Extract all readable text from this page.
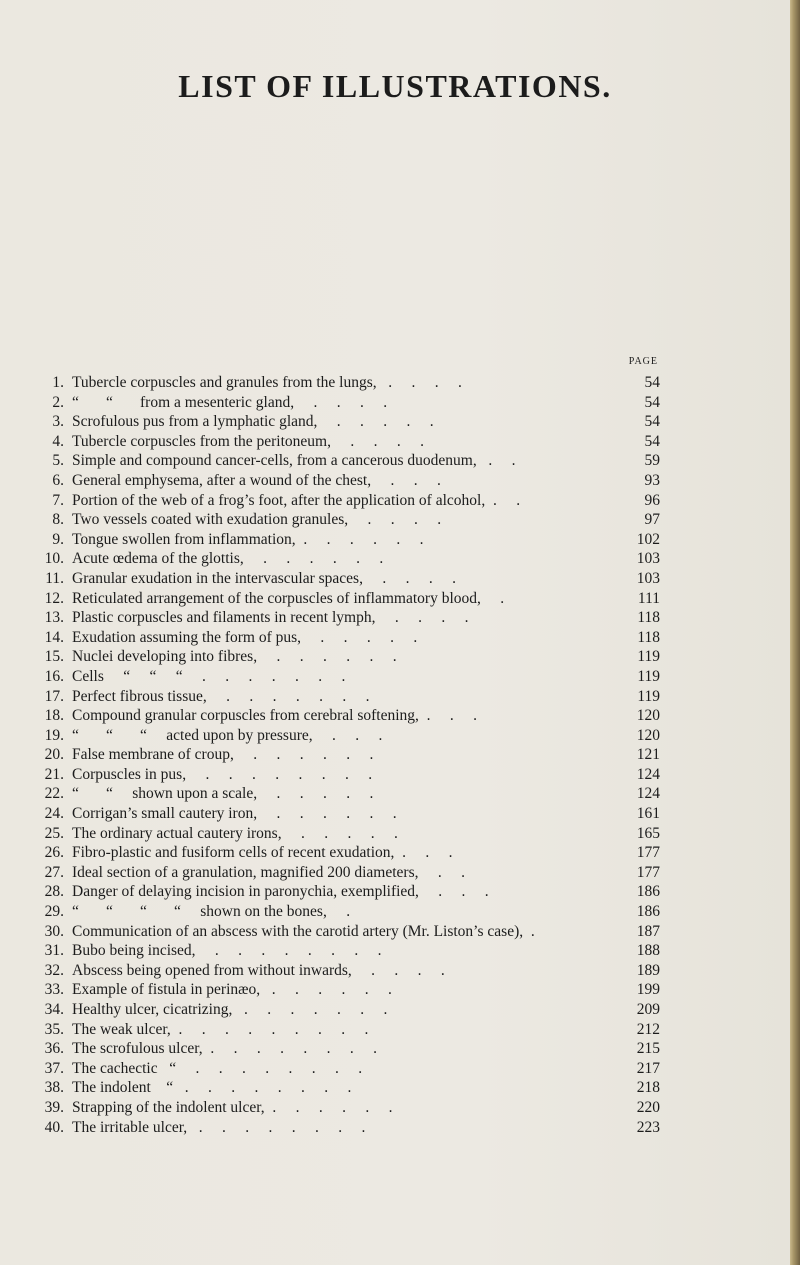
LIST OF ILLUSTRATIONS.
PAGE
1. Tubercle corpuscles and granules from the lungs,   .     .     .     .	54
2. “       “       from a mesenteric gland,     .     .     .     .	54
3. Scrofulous pus from a lymphatic gland,     .     .     .     .     .	54
4. Tubercle corpuscles from the peritoneum,     .     .     .     .	54
5. Simple and compound cancer-cells, from a cancerous duodenum,   .     .	59
6. General emphysema, after a wound of the chest,     .     .     .	93
7. Portion of the web of a frog’s foot, after the application of alcohol,  .     .	96
8. Two vessels coated with exudation granules,     .     .     .     .	97
9. Tongue swollen from inflammation,  .     .     .     .     .     .	102
10. Acute œdema of the glottis,     .     .     .     .     .     .	103
11. Granular exudation in the intervascular spaces,     .     .     .     .	103
12. Reticulated arrangement of the corpuscles of inflammatory blood,     .	111
13. Plastic corpuscles and filaments in recent lymph,     .     .     .     .	118
14. Exudation assuming the form of pus,     .     .     .     .     .	118
15. Nuclei developing into fibres,     .     .     .     .     .     .	119
16. Cells     “     “     “     .     .     .     .     .     .     .	119
17. Perfect fibrous tissue,     .     .     .     .     .     .     .	119
18. Compound granular corpuscles from cerebral softening,  .     .     .	120
19. “       “       “     acted upon by pressure,     .     .     .	120
20. False membrane of croup,     .     .     .     .     .     .	121
21. Corpuscles in pus,     .     .     .     .     .     .     .     .	124
22. “       “     shown upon a scale,     .     .     .     .     .	124
24. Corrigan’s small cautery iron,     .     .     .     .     .     .	161
25. The ordinary actual cautery irons,     .     .     .     .     .	165
26. Fibro-plastic and fusiform cells of recent exudation,  .     .     .	177
27. Ideal section of a granulation, magnified 200 diameters,     .     .	177
28. Danger of delaying incision in paronychia, exemplified,     .     .     .	186
29. “       “       “       “     shown on the bones,     .	186
30. Communication of an abscess with the carotid artery (Mr. Liston’s case),  .	187
31. Bubo being incised,     .     .     .     .     .     .     .     .	188
32. Abscess being opened from without inwards,     .     .     .     .	189
33. Example of fistula in perinæo,   .     .     .     .     .     .	199
34. Healthy ulcer, cicatrizing,   .     .     .     .     .     .     .	209
35. The weak ulcer,  .     .     .     .     .     .     .     .     .	212
36. The scrofulous ulcer,  .     .     .     .     .     .     .     .	215
37. The cachectic   “     .     .     .     .     .     .     .     .	217
38. The indolent    “   .     .     .     .     .     .     .     .	218
39. Strapping of the indolent ulcer,  .     .     .     .     .     .	220
40. The irritable ulcer,   .     .     .     .     .     .     .     .	223
